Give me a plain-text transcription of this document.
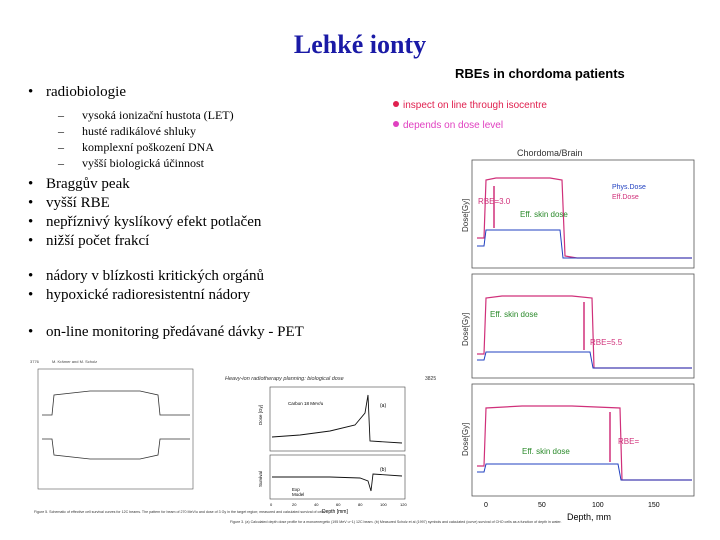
Lehké ionty
• radiobiologie
– vysoká ionizační hustota (LET)
– husté radikálové shluky
– komplexní poškození DNA
– vyšší biologická účinnost
• Braggův peak
• vyšší RBE
• nepříznivý kyslíkový efekt potlačen
• nižší počet frakcí
• nádory v blízkosti kritických orgánů
• hypoxické radioresistentní nádory
• on-line monitoring předávané dávky - PET
RBEs in chordoma patients
inspect on line through isocentre
depends on dose level
Chordoma/Brain
RBE=3.0
Eff. skin dose
Phys.Dose
Eff.Dose
Dose[Gy]
RBE=5.5
Eff. skin dose
Dose[Gy]
RBE=
Eff. skin dose
Dose[Gy]
0	50	100	150
Depth, mm
3776	M. Krämer and M. Scholz
Figure 5. Schematic of effective cell survival curves for 12C beams. The pattern for beam of 270 MeV/u and dose of 3 Gy in the target region; measured and calculated survival of cells.
Heavy-ion radiotherapy planning: biological dose	3825
Carbon 18 MeV/u	(a)
Dose [Gy]
Exp
Model
(b)
Survival
0	20	40	60	80	100	120
Depth [mm]
Figure 3. (a) Calculated depth dose profile for a monoenergetic (195 MeV u−1) 12C beam. (b) Measured Scholz et al (1997) symbols and calculated (curve) survival of CHO cells as a function of depth in water.
